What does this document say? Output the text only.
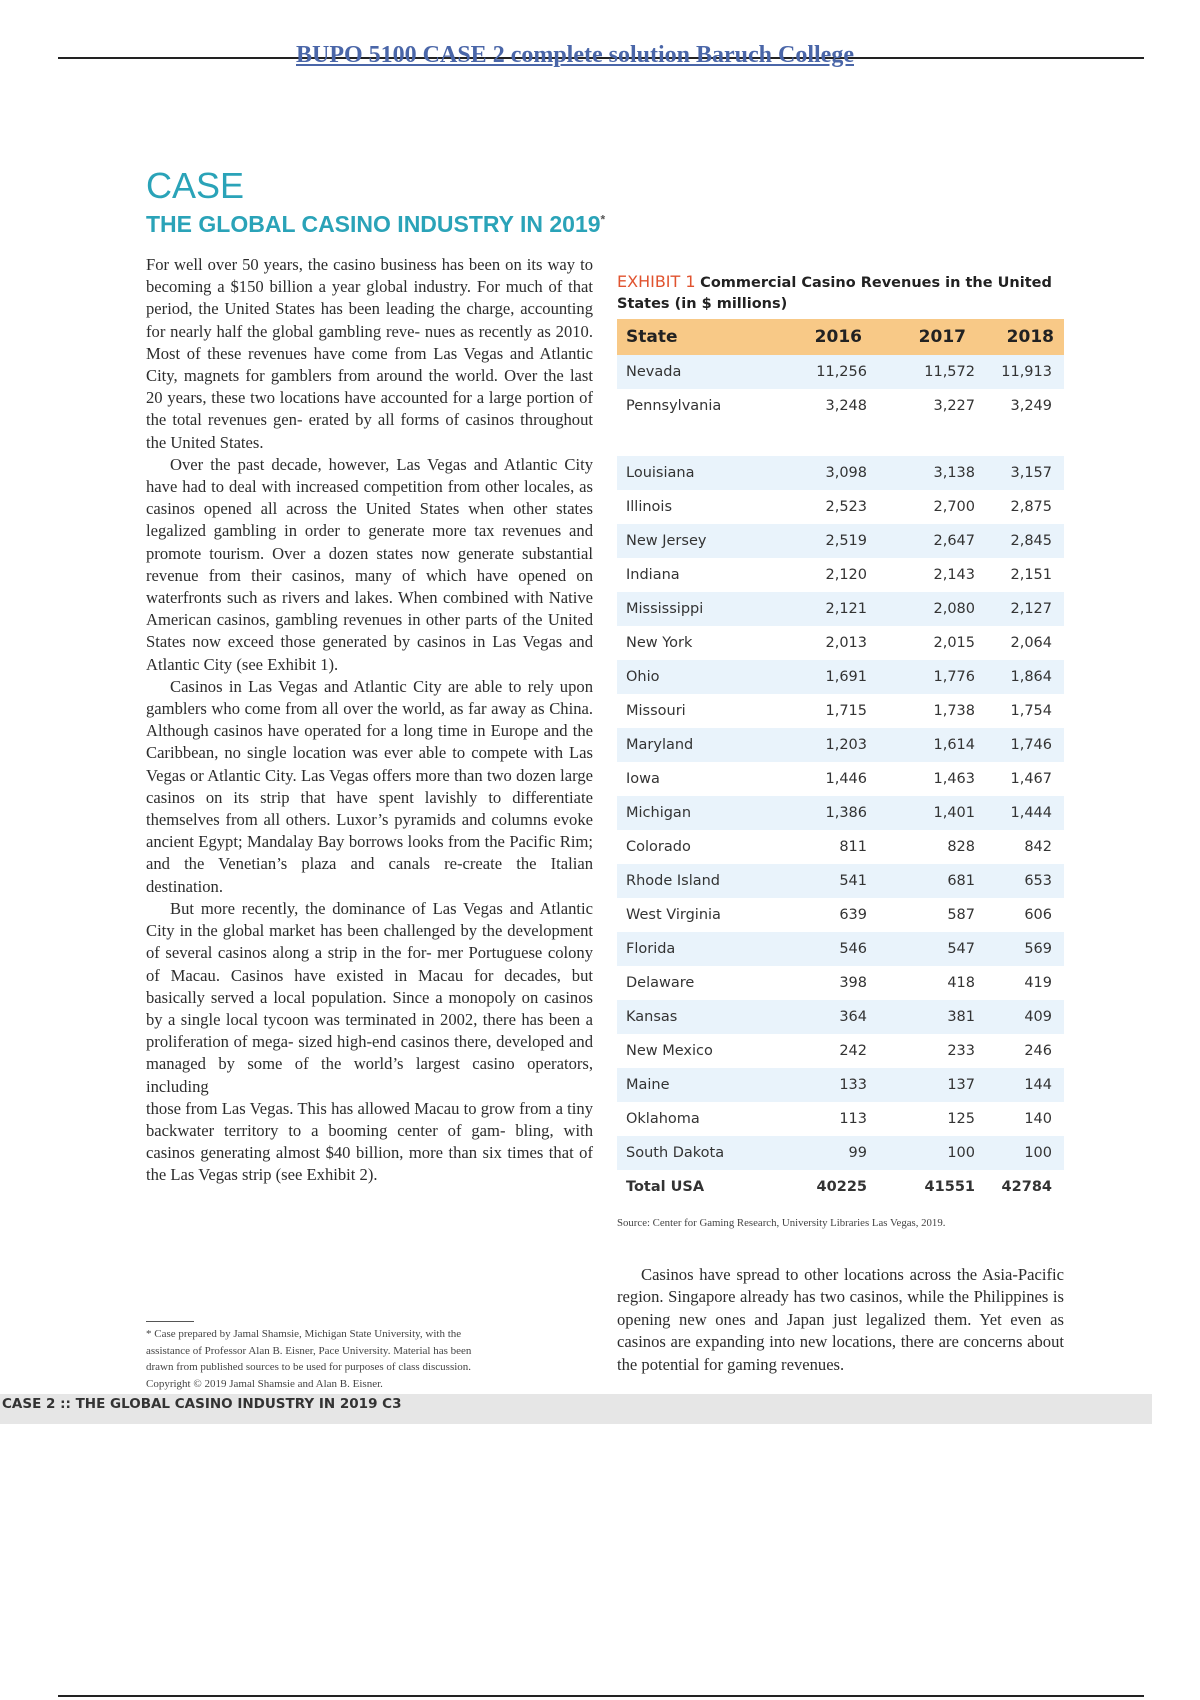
BUPO 5100 CASE 2 complete solution Baruch College
CASE
THE GLOBAL CASINO INDUSTRY IN 2019*

For well over 50 years, the casino business has been on its way to becoming a $150 billion a year global industry. For much of that period, the United States has been leading the charge, accounting for nearly half the global gambling reve- nues as recently as 2010. Most of these revenues have come from Las Vegas and Atlantic City, magnets for gamblers from around the world. Over the last 20 years, these two locations have accounted for a large portion of the total revenues gen- erated by all forms of casinos throughout the United States.

Over the past decade, however, Las Vegas and Atlantic City have had to deal with increased competition from other locales, as casinos opened all across the United States when other states legalized gambling in order to generate more tax revenues and promote tourism. Over a dozen states now generate substantial revenue from their casinos, many of which have opened on waterfronts such as rivers and lakes. When combined with Native American casinos, gambling revenues in other parts of the United States now exceed those generated by casinos in Las Vegas and Atlantic City (see Exhibit 1).

Casinos in Las Vegas and Atlantic City are able to rely upon gamblers who come from all over the world, as far away as China. Although casinos have operated for a long time in Europe and the Caribbean, no single location was ever able to compete with Las Vegas or Atlantic City. Las Vegas offers more than two dozen large casinos on its strip that have spent lavishly to differentiate themselves from all others. Luxor’s pyramids and columns evoke ancient Egypt; Mandalay Bay borrows looks from the Pacific Rim; and the Venetian’s plaza and canals re-create the Italian destination.

But more recently, the dominance of Las Vegas and Atlantic City in the global market has been challenged by the development of several casinos along a strip in the for- mer Portuguese colony of Macau. Casinos have existed in Macau for decades, but basically served a local population. Since a monopoly on casinos by a single local tycoon was terminated in 2002, there has been a proliferation of mega- sized high-end casinos there, developed and managed by some of the world’s largest casino operators, including

those from Las Vegas. This has allowed Macau to grow from a tiny backwater territory to a booming center of gam- bling, with casinos generating almost $40 billion, more than six times that of the Las Vegas strip (see Exhibit 2).

* Case prepared by Jamal Shamsie, Michigan State University, with the
assistance of Professor Alan B. Eisner, Pace University. Material has been
drawn from published sources to be used for purposes of class discussion.
Copyright © 2019 Jamal Shamsie and Alan B. Eisner.
CASE 2 :: THE GLOBAL CASINO INDUSTRY IN 2019 C3
EXHIBIT 1 Commercial Casino Revenues in the United States (in $ millions)
State	2016	2017	2018
Nevada	11,256	11,572	11,913
Pennsylvania	3,248	3,227	3,249
Louisiana	3,098	3,138	3,157
Illinois	2,523	2,700	2,875
New Jersey	2,519	2,647	2,845
Indiana	2,120	2,143	2,151
Mississippi	2,121	2,080	2,127
New York	2,013	2,015	2,064
Ohio	1,691	1,776	1,864
Missouri	1,715	1,738	1,754
Maryland	1,203	1,614	1,746
Iowa	1,446	1,463	1,467
Michigan	1,386	1,401	1,444
Colorado	811	828	842
Rhode Island	541	681	653
West Virginia	639	587	606
Florida	546	547	569
Delaware	398	418	419
Kansas	364	381	409
New Mexico	242	233	246
Maine	133	137	144
Oklahoma	113	125	140
South Dakota	99	100	100
Total USA	40225	41551	42784
Source: Center for Gaming Research, University Libraries Las Vegas, 2019.
Casinos have spread to other locations across the Asia-Pacific region. Singapore already has two casinos, while the Philippines is opening new ones and Japan just legalized them. Yet even as casinos are expanding into new locations, there are concerns about the potential for gaming revenues.
